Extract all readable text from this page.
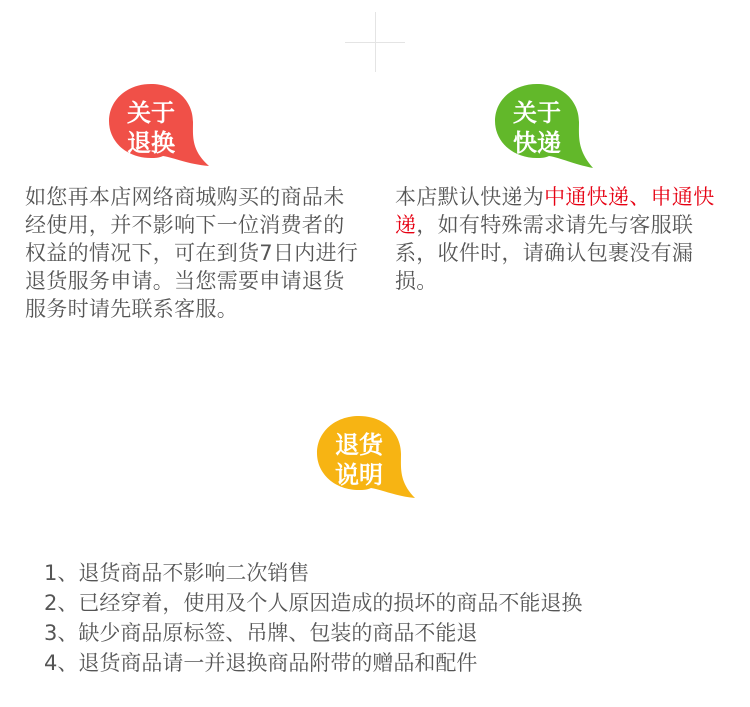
关于
退换
关于
快递
如您再本店网络商城购买的商品未经使用，并不影响下一位消费者的权益的情况下，可在到货7日内进行退货服务申请。当您需要申请退货服务时请先联系客服。
本店默认快递为中通快递、申通快递，如有特殊需求请先与客服联系，收件时，请确认包裹没有漏损。
退货
说明
1、退货商品不影响二次销售
2、已经穿着，使用及个人原因造成的损坏的商品不能退换
3、缺少商品原标签、吊牌、包装的商品不能退
4、退货商品请一并退换商品附带的赠品和配件
